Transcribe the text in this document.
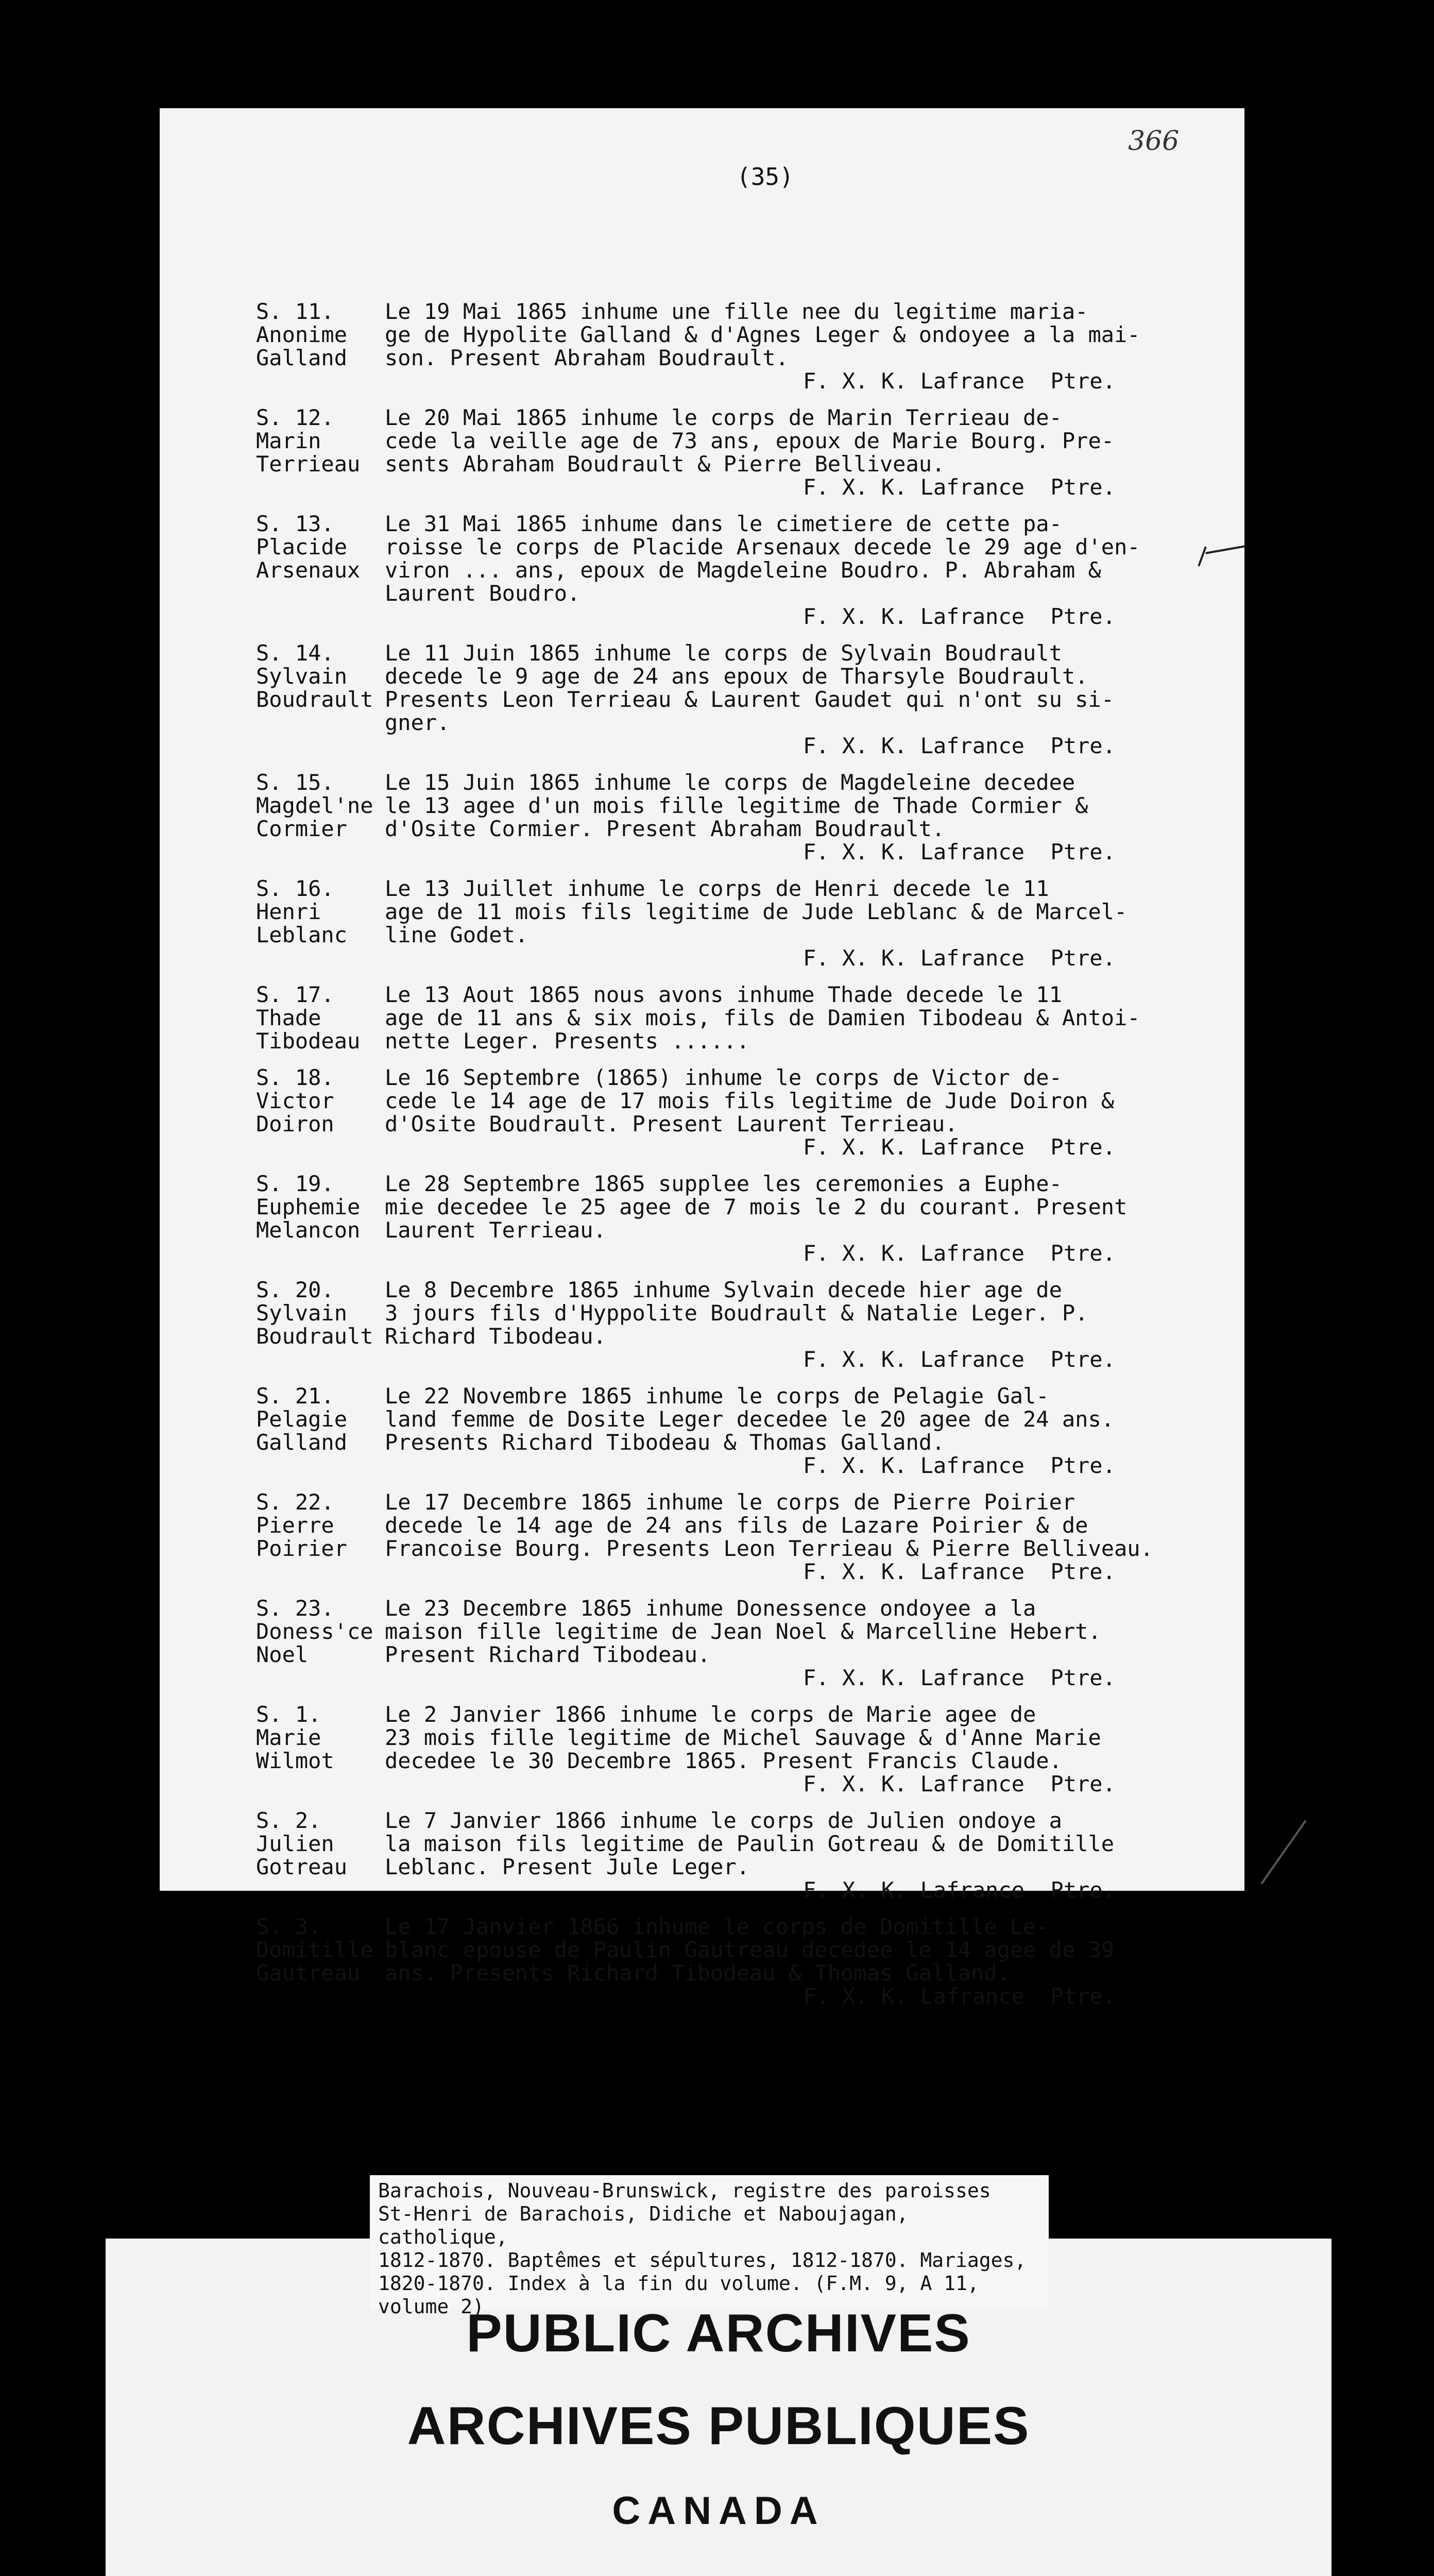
366
(35)
S. 11.
Anonime
Galland
Le 19 Mai 1865 inhume une fille nee du legitime maria-
ge de Hypolite Galland & d'Agnes Leger & ondoyee a la mai-
son. Present Abraham Boudrault.
F. X. K. Lafrance  Ptre.
S. 12.
Marin
Terrieau
Le 20 Mai 1865 inhume le corps de Marin Terrieau de-
cede la veille age de 73 ans, epoux de Marie Bourg. Pre-
sents Abraham Boudrault & Pierre Belliveau.
F. X. K. Lafrance  Ptre.
S. 13.
Placide
Arsenaux
Le 31 Mai 1865 inhume dans le cimetiere de cette pa-
roisse le corps de Placide Arsenaux decede le 29 age d'en-
viron ... ans, epoux de Magdeleine Boudro. P. Abraham &
Laurent Boudro.
F. X. K. Lafrance  Ptre.
S. 14.
Sylvain
Boudrault
Le 11 Juin 1865 inhume le corps de Sylvain Boudrault
decede le 9 age de 24 ans epoux de Tharsyle Boudrault.
Presents Leon Terrieau & Laurent Gaudet qui n'ont su si-
gner.
F. X. K. Lafrance  Ptre.
S. 15.
Magdel'ne
Cormier
Le 15 Juin 1865 inhume le corps de Magdeleine decedee
le 13 agee d'un mois fille legitime de Thade Cormier &
d'Osite Cormier. Present Abraham Boudrault.
F. X. K. Lafrance  Ptre.
S. 16.
Henri
Leblanc
Le 13 Juillet inhume le corps de Henri decede le 11
age de 11 mois fils legitime de Jude Leblanc & de Marcel-
line Godet.
F. X. K. Lafrance  Ptre.
S. 17.
Thade
Tibodeau
Le 13 Aout 1865 nous avons inhume Thade decede le 11
age de 11 ans & six mois, fils de Damien Tibodeau & Antoi-
nette Leger. Presents ......
S. 18.
Victor
Doiron
Le 16 Septembre (1865) inhume le corps de Victor de-
cede le 14 age de 17 mois fils legitime de Jude Doiron &
d'Osite Boudrault. Present Laurent Terrieau.
F. X. K. Lafrance  Ptre.
S. 19.
Euphemie
Melancon
Le 28 Septembre 1865 supplee les ceremonies a Euphe-
mie decedee le 25 agee de 7 mois le 2 du courant. Present
Laurent Terrieau.
F. X. K. Lafrance  Ptre.
S. 20.
Sylvain
Boudrault
Le 8 Decembre 1865 inhume Sylvain decede hier age de
3 jours fils d'Hyppolite Boudrault & Natalie Leger. P.
Richard Tibodeau.
F. X. K. Lafrance  Ptre.
S. 21.
Pelagie
Galland
Le 22 Novembre 1865 inhume le corps de Pelagie Gal-
land femme de Dosite Leger decedee le 20 agee de 24 ans.
Presents Richard Tibodeau & Thomas Galland.
F. X. K. Lafrance  Ptre.
S. 22.
Pierre
Poirier
Le 17 Decembre 1865 inhume le corps de Pierre Poirier
decede le 14 age de 24 ans fils de Lazare Poirier & de
Francoise Bourg. Presents Leon Terrieau & Pierre Belliveau.
F. X. K. Lafrance  Ptre.
S. 23.
Doness'ce
Noel
Le 23 Decembre 1865 inhume Donessence ondoyee a la
maison fille legitime de Jean Noel & Marcelline Hebert.
Present Richard Tibodeau.
F. X. K. Lafrance  Ptre.
S. 1.
Marie
Wilmot
Le 2 Janvier 1866 inhume le corps de Marie agee de
23 mois fille legitime de Michel Sauvage & d'Anne Marie
decedee le 30 Decembre 1865. Present Francis Claude.
F. X. K. Lafrance  Ptre.
S. 2.
Julien
Gotreau
Le 7 Janvier 1866 inhume le corps de Julien ondoye a
la maison fils legitime de Paulin Gotreau & de Domitille
Leblanc. Present Jule Leger.
F. X. K. Lafrance  Ptre.
S. 3.
Domitille
Gautreau
Le 17 Janvier 1866 inhume le corps de Domitille Le-
blanc epouse de Paulin Gautreau decedee le 14 agee de 39
ans. Presents Richard Tibodeau & Thomas Galland.
F. X. K. Lafrance  Ptre.
Barachois, Nouveau-Brunswick, registre des paroisses
St-Henri de Barachois, Didiche et Naboujagan, catholique,
1812-1870. Baptêmes et sépultures, 1812-1870. Mariages,
1820-1870. Index à la fin du volume. (F.M. 9, A 11,
volume 2)
PUBLIC ARCHIVES
ARCHIVES PUBLIQUES
CANADA
